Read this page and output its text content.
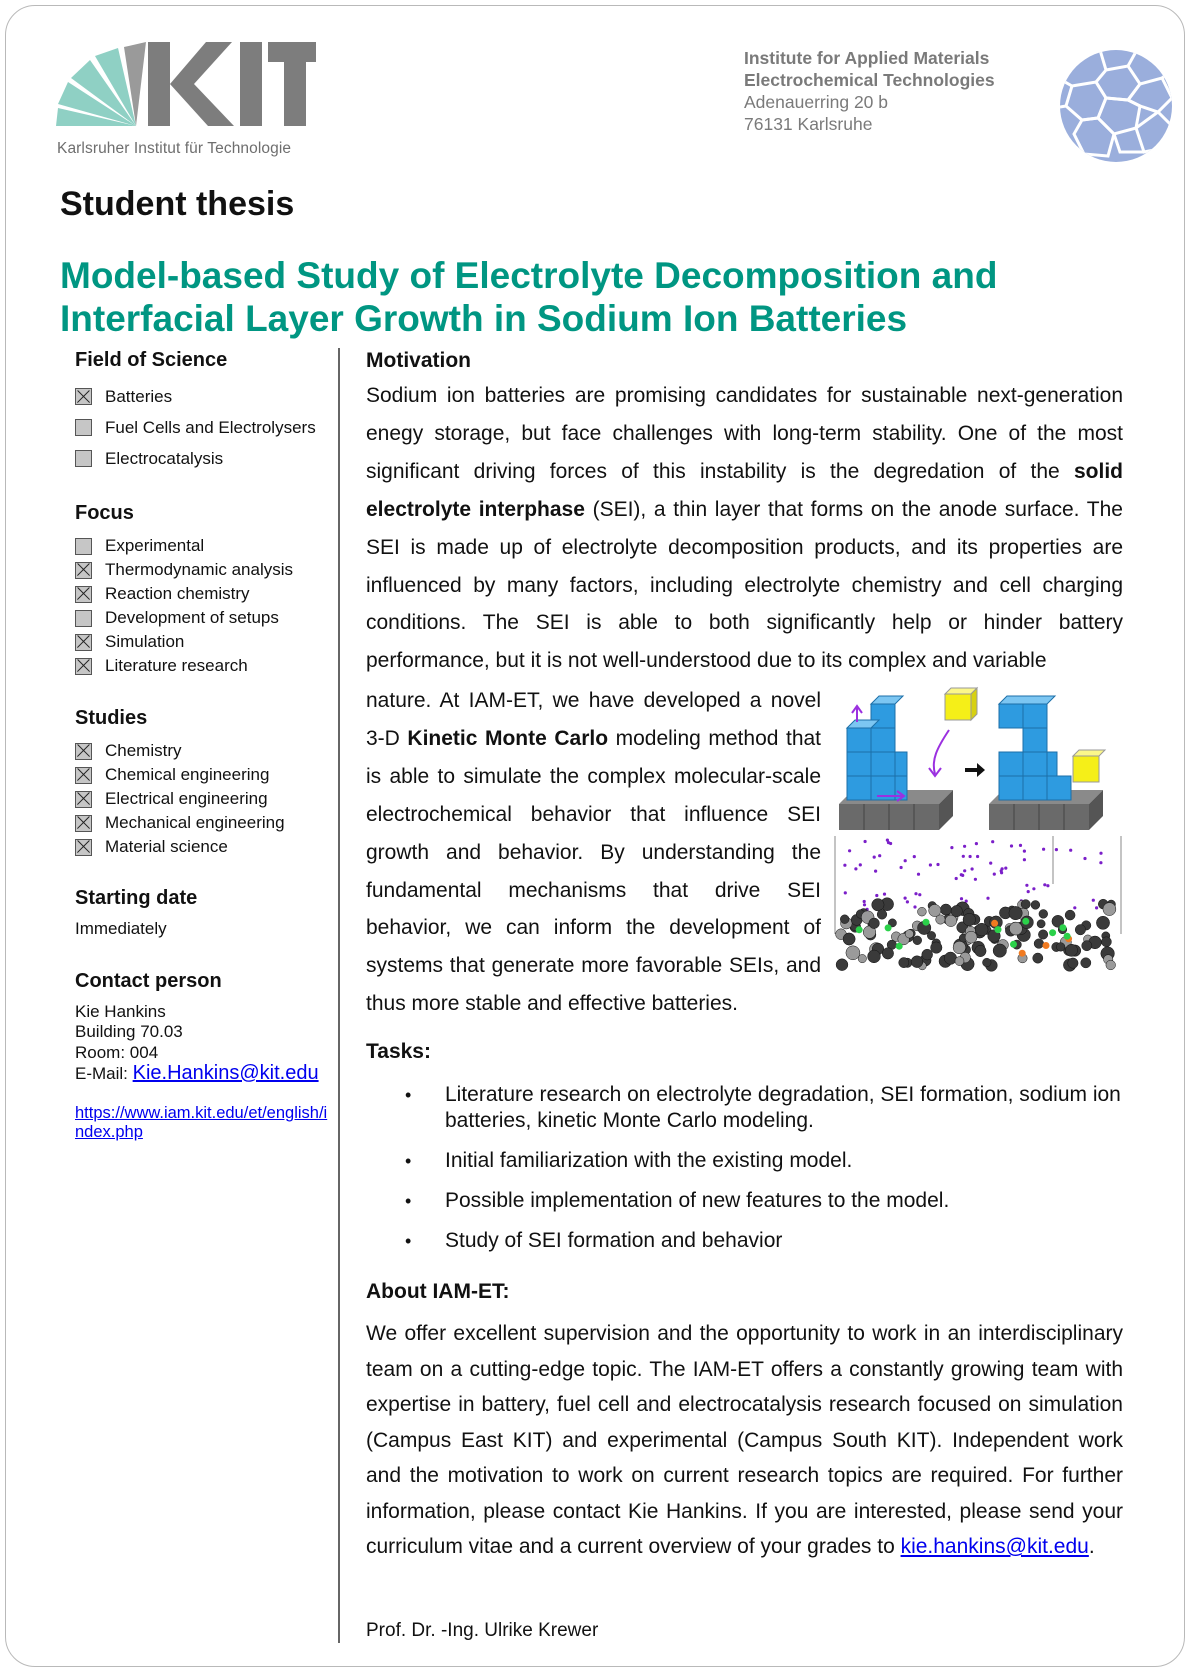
Karlsruher Institut für Technologie
Institute for Applied Materials
Electrochemical Technologies
Adenauerring 20 b
76131 Karlsruhe
Student thesis
Model-based Study of Electrolyte Decomposition and
Interfacial Layer Growth in Sodium Ion Batteries
Field of Science
Batteries
Fuel Cells and Electrolysers
Electrocatalysis
Focus
Experimental
Thermodynamic analysis
Reaction chemistry
Development of setups
Simulation
Literature research
Studies
Chemistry
Chemical engineering
Electrical engineering
Mechanical engineering
Material science
Starting date
Immediately
Contact person
Kie Hankins
Building 70.03
Room: 004
E-Mail: Kie.Hankins@kit.edu
https://www.iam.kit.edu/et/english/index.php
Motivation

Sodium ion batteries are promising candidates for sustainable next-generation enegy storage, but face challenges with long-term stability. One of the most significant driving forces of this instability is the degredation of the solid electrolyte interphase (SEI), a thin layer that forms on the anode surface. The SEI is made up of electrolyte decomposition products, and its properties are influenced by many factors, including electrolyte chemistry and cell charging conditions. The SEI is able to both significantly help or hinder battery performance, but it is not well-understood due to its complex and variable

nature. At IAM-ET, we have developed a novel 3-D Kinetic Monte Carlo modeling method that is able to simulate the complex molecular-scale electrochemical behavior that influence SEI growth and behavior. By understanding the fundamental mechanisms that drive SEI behavior, we can inform the development of systems that generate more favorable SEIs, and thus more stable and effective batteries.

Tasks:
• Literature research on electrolyte degradation, SEI formation, sodium ion batteries, kinetic Monte Carlo modeling.
• Initial familiarization with the existing model.
• Possible implementation of new features to the model.
• Study of SEI formation and behavior
About IAM-ET:

We offer excellent supervision and the opportunity to work in an interdisciplinary team on a cutting-edge topic. The IAM-ET offers a constantly growing team with expertise in battery, fuel cell and electrocatalysis research focused on simulation (Campus East KIT) and experimental (Campus South KIT). Independent work and the motivation to work on current research topics are required. For further information, please contact Kie Hankins. If you are interested, please send your curriculum vitae and a current overview of your grades to kie.hankins@kit.edu.

Prof. Dr. -Ing. Ulrike Krewer
